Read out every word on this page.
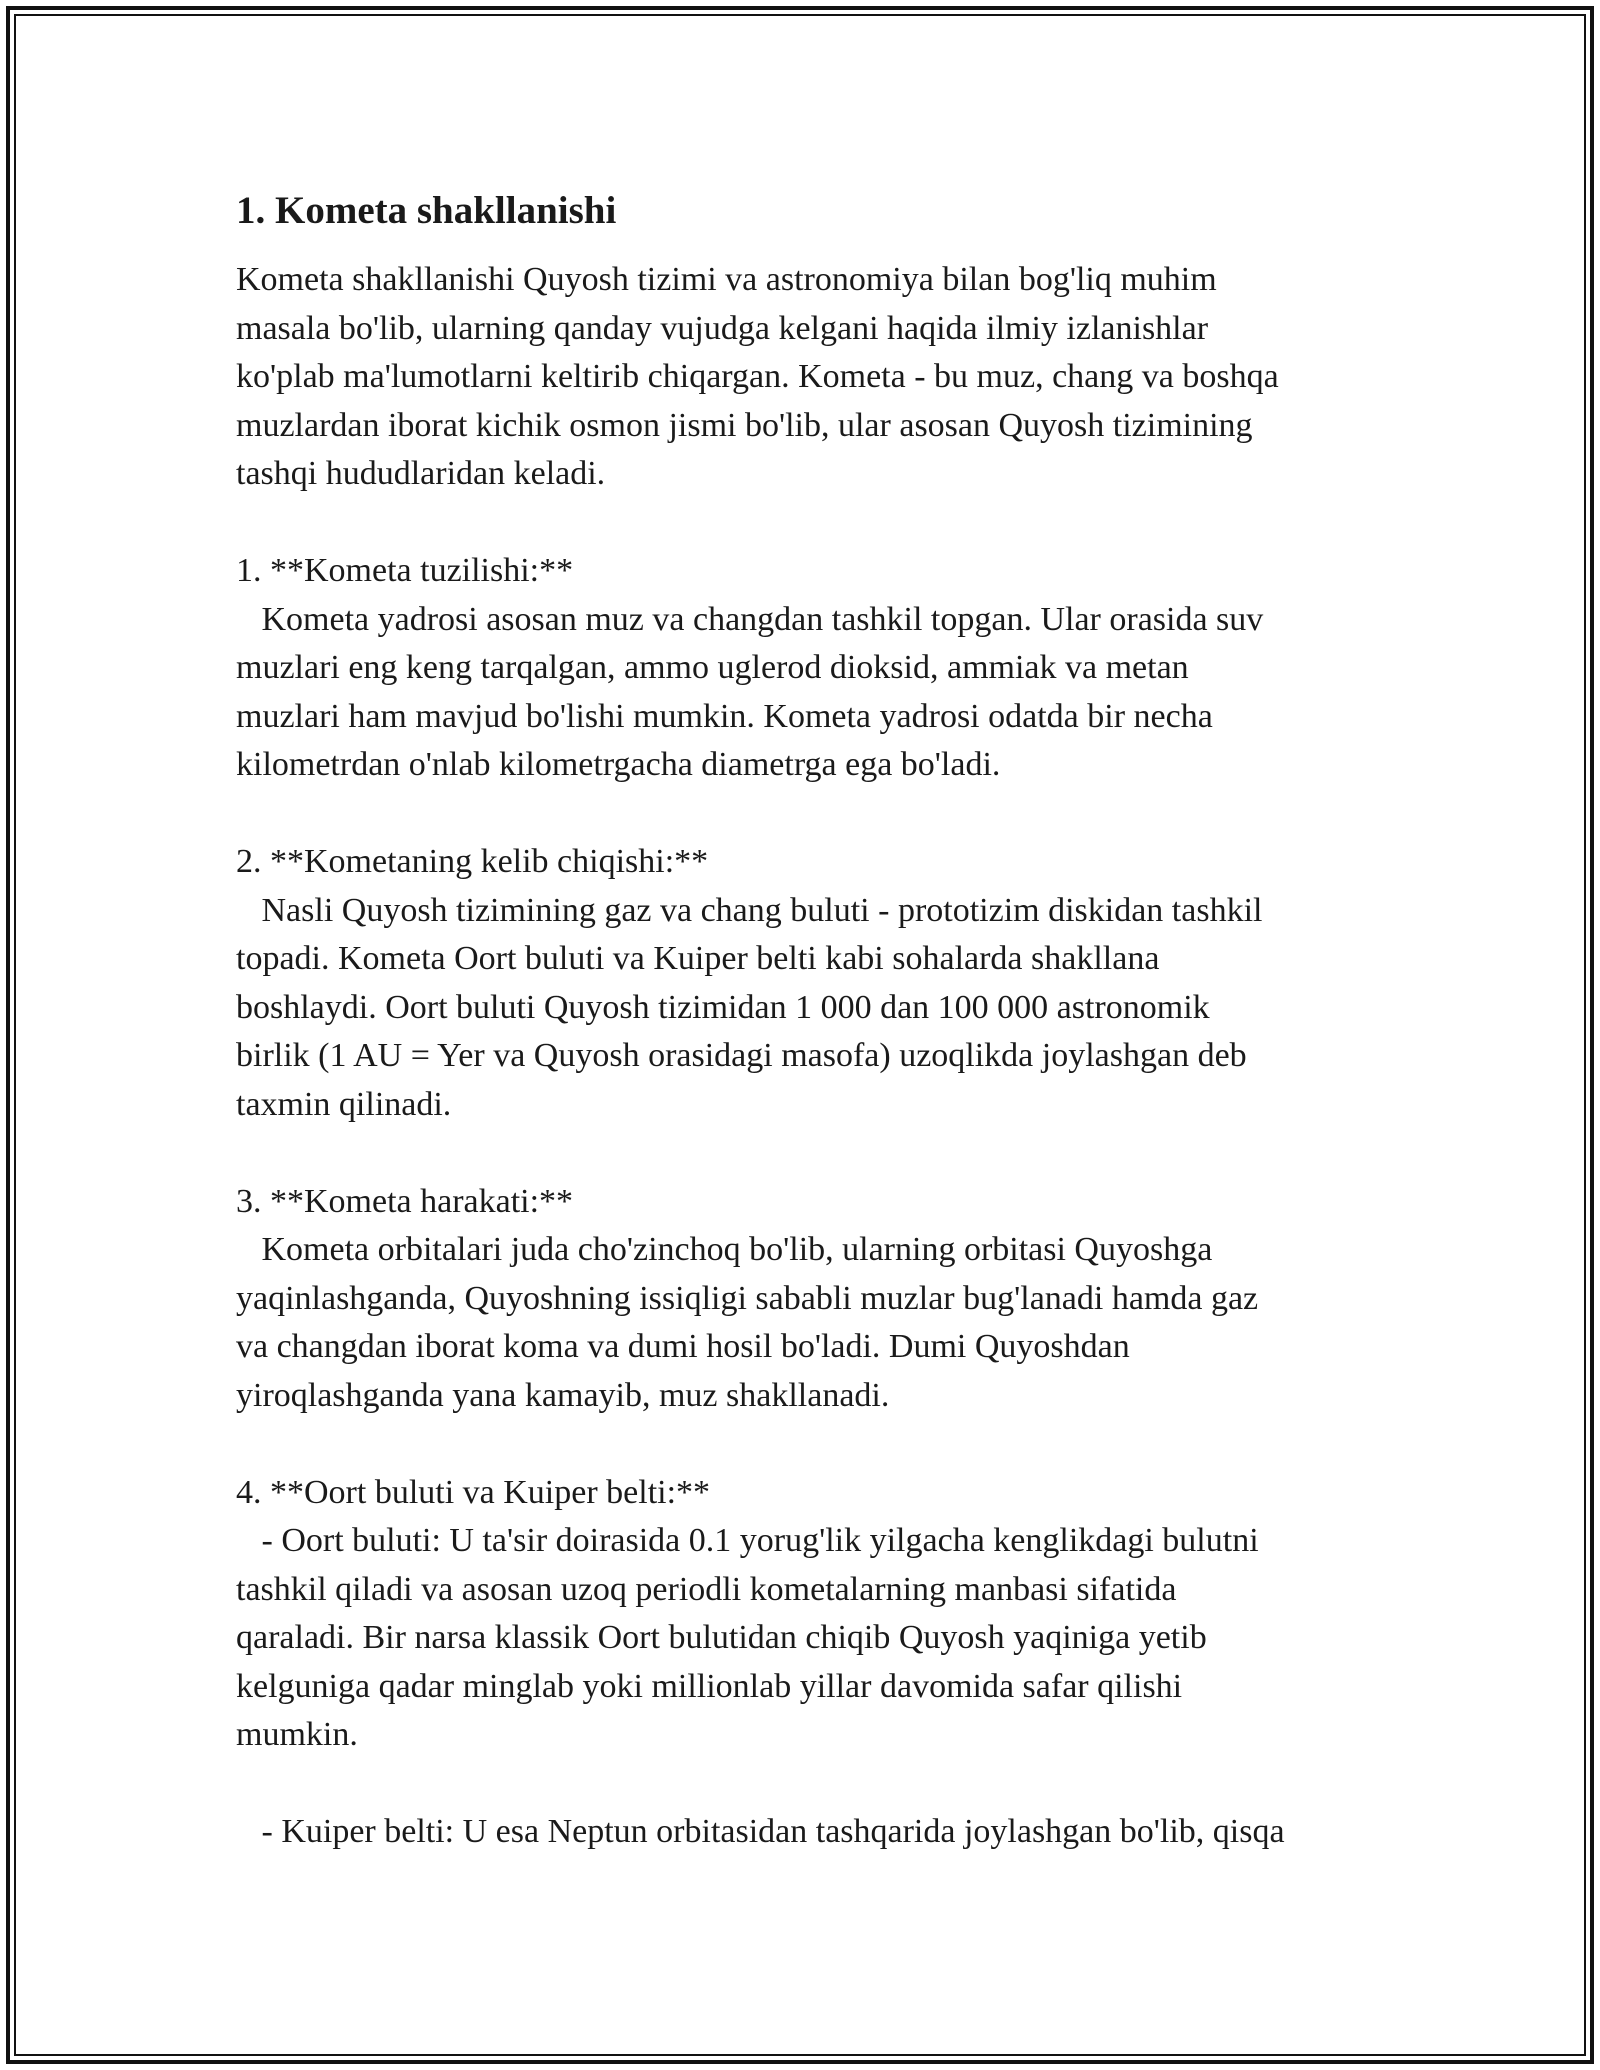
1. Kometa shakllanishi

Kometa shakllanishi Quyosh tizimi va astronomiya bilan bog'liq muhim

masala bo'lib, ularning qanday vujudga kelgani haqida ilmiy izlanishlar

ko'plab ma'lumotlarni keltirib chiqargan. Kometa - bu muz, chang va boshqa

muzlardan iborat kichik osmon jismi bo'lib, ular asosan Quyosh tizimining

tashqi hududlaridan keladi.

1. **Kometa tuzilishi:**

Kometa yadrosi asosan muz va changdan tashkil topgan. Ular orasida suv

muzlari eng keng tarqalgan, ammo uglerod dioksid, ammiak va metan

muzlari ham mavjud bo'lishi mumkin. Kometa yadrosi odatda bir necha

kilometrdan o'nlab kilometrgacha diametrga ega bo'ladi.

2. **Kometaning kelib chiqishi:**

Nasli Quyosh tizimining gaz va chang buluti - prototizim diskidan tashkil

topadi. Kometa Oort buluti va Kuiper belti kabi sohalarda shakllana

boshlaydi. Oort buluti Quyosh tizimidan 1 000 dan 100 000 astronomik

birlik (1 AU = Yer va Quyosh orasidagi masofa) uzoqlikda joylashgan deb

taxmin qilinadi.

3. **Kometa harakati:**

Kometa orbitalari juda cho'zinchoq bo'lib, ularning orbitasi Quyoshga

yaqinlashganda, Quyoshning issiqligi sababli muzlar bug'lanadi hamda gaz

va changdan iborat koma va dumi hosil bo'ladi. Dumi Quyoshdan

yiroqlashganda yana kamayib, muz shakllanadi.

4. **Oort buluti va Kuiper belti:**

- Oort buluti: U ta'sir doirasida 0.1 yorug'lik yilgacha kenglikdagi bulutni

tashkil qiladi va asosan uzoq periodli kometalarning manbasi sifatida

qaraladi. Bir narsa klassik Oort bulutidan chiqib Quyosh yaqiniga yetib

kelguniga qadar minglab yoki millionlab yillar davomida safar qilishi

mumkin.

- Kuiper belti: U esa Neptun orbitasidan tashqarida joylashgan bo'lib, qisqa
